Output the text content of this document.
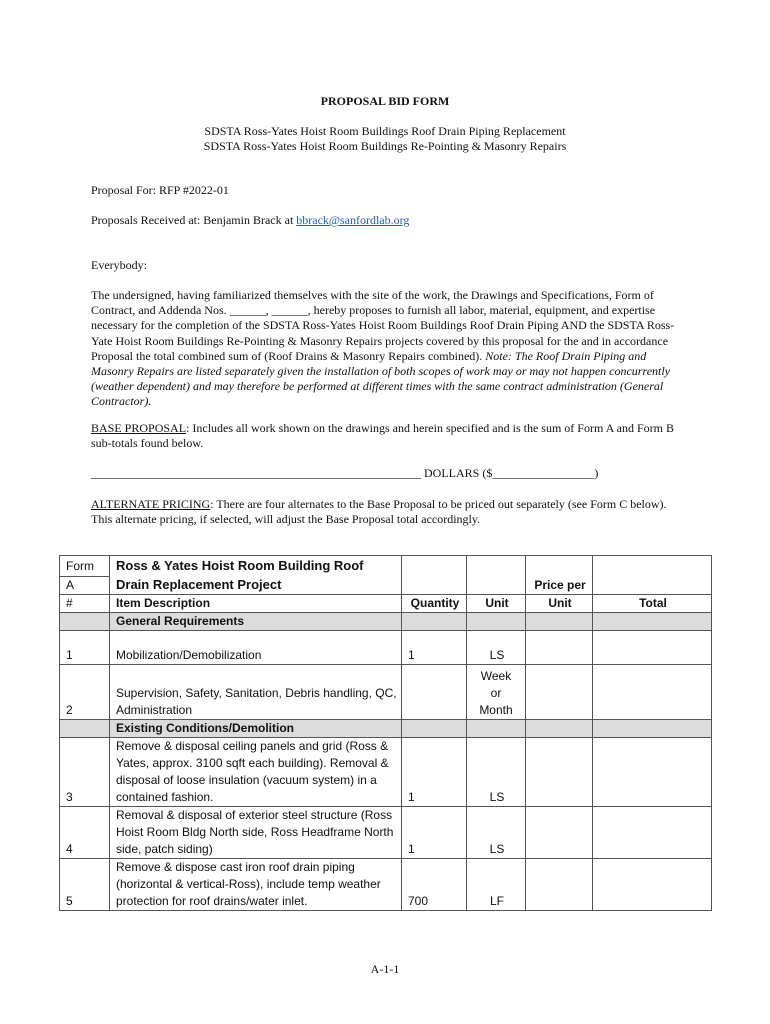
PROPOSAL BID FORM
SDSTA Ross-Yates Hoist Room Buildings Roof Drain Piping Replacement
SDSTA Ross-Yates Hoist Room Buildings Re-Pointing & Masonry Repairs
Proposal For: RFP #2022-01
Proposals Received at: Benjamin Brack at bbrack@sanfordlab.org
Everybody:
The undersigned, having familiarized themselves with the site of the work, the Drawings and Specifications, Form of Contract, and Addenda Nos. ______, ______, hereby proposes to furnish all labor, material, equipment, and expertise necessary for the completion of the SDSTA Ross-Yates Hoist Room Buildings Roof Drain Piping AND the SDSTA Ross-Yate Hoist Room Buildings Re-Pointing & Masonry Repairs projects covered by this proposal for the and in accordance Proposal the total combined sum of (Roof Drains & Masonry Repairs combined). Note: The Roof Drain Piping and Masonry Repairs are listed separately given the installation of both scopes of work may or may not happen concurrently (weather dependent) and may therefore be performed at different times with the same contract administration (General Contractor).
BASE PROPOSAL: Includes all work shown on the drawings and herein specified and is the sum of Form A and Form B sub-totals found below.
_______________________________________________________ DOLLARS ($_________________)
ALTERNATE PRICING: There are four alternates to the Base Proposal to be priced out separately (see Form C below). This alternate pricing, if selected, will adjust the Base Proposal total accordingly.
Form	Ross & Yates Hoist Room Building Roof
Drain Replacement Project			Price per	
A					
#	Item Description	Quantity	Unit	Unit	Total
	General Requirements				
1	Mobilization/Demobilization	1	LS		
2	Supervision, Safety, Sanitation, Debris handling, QC, Administration		Week or Month		
	Existing Conditions/Demolition				
3	Remove & disposal ceiling panels and grid (Ross & Yates, approx. 3100 sqft each building). Removal & disposal of loose insulation (vacuum system) in a contained fashion.	1	LS		
4	Removal & disposal of exterior steel structure (Ross Hoist Room Bldg North side, Ross Headframe North side, patch siding)	1	LS		
5	Remove & dispose cast iron roof drain piping (horizontal & vertical-Ross), include temp weather protection for roof drains/water inlet.	700	LF		
A-1-1
